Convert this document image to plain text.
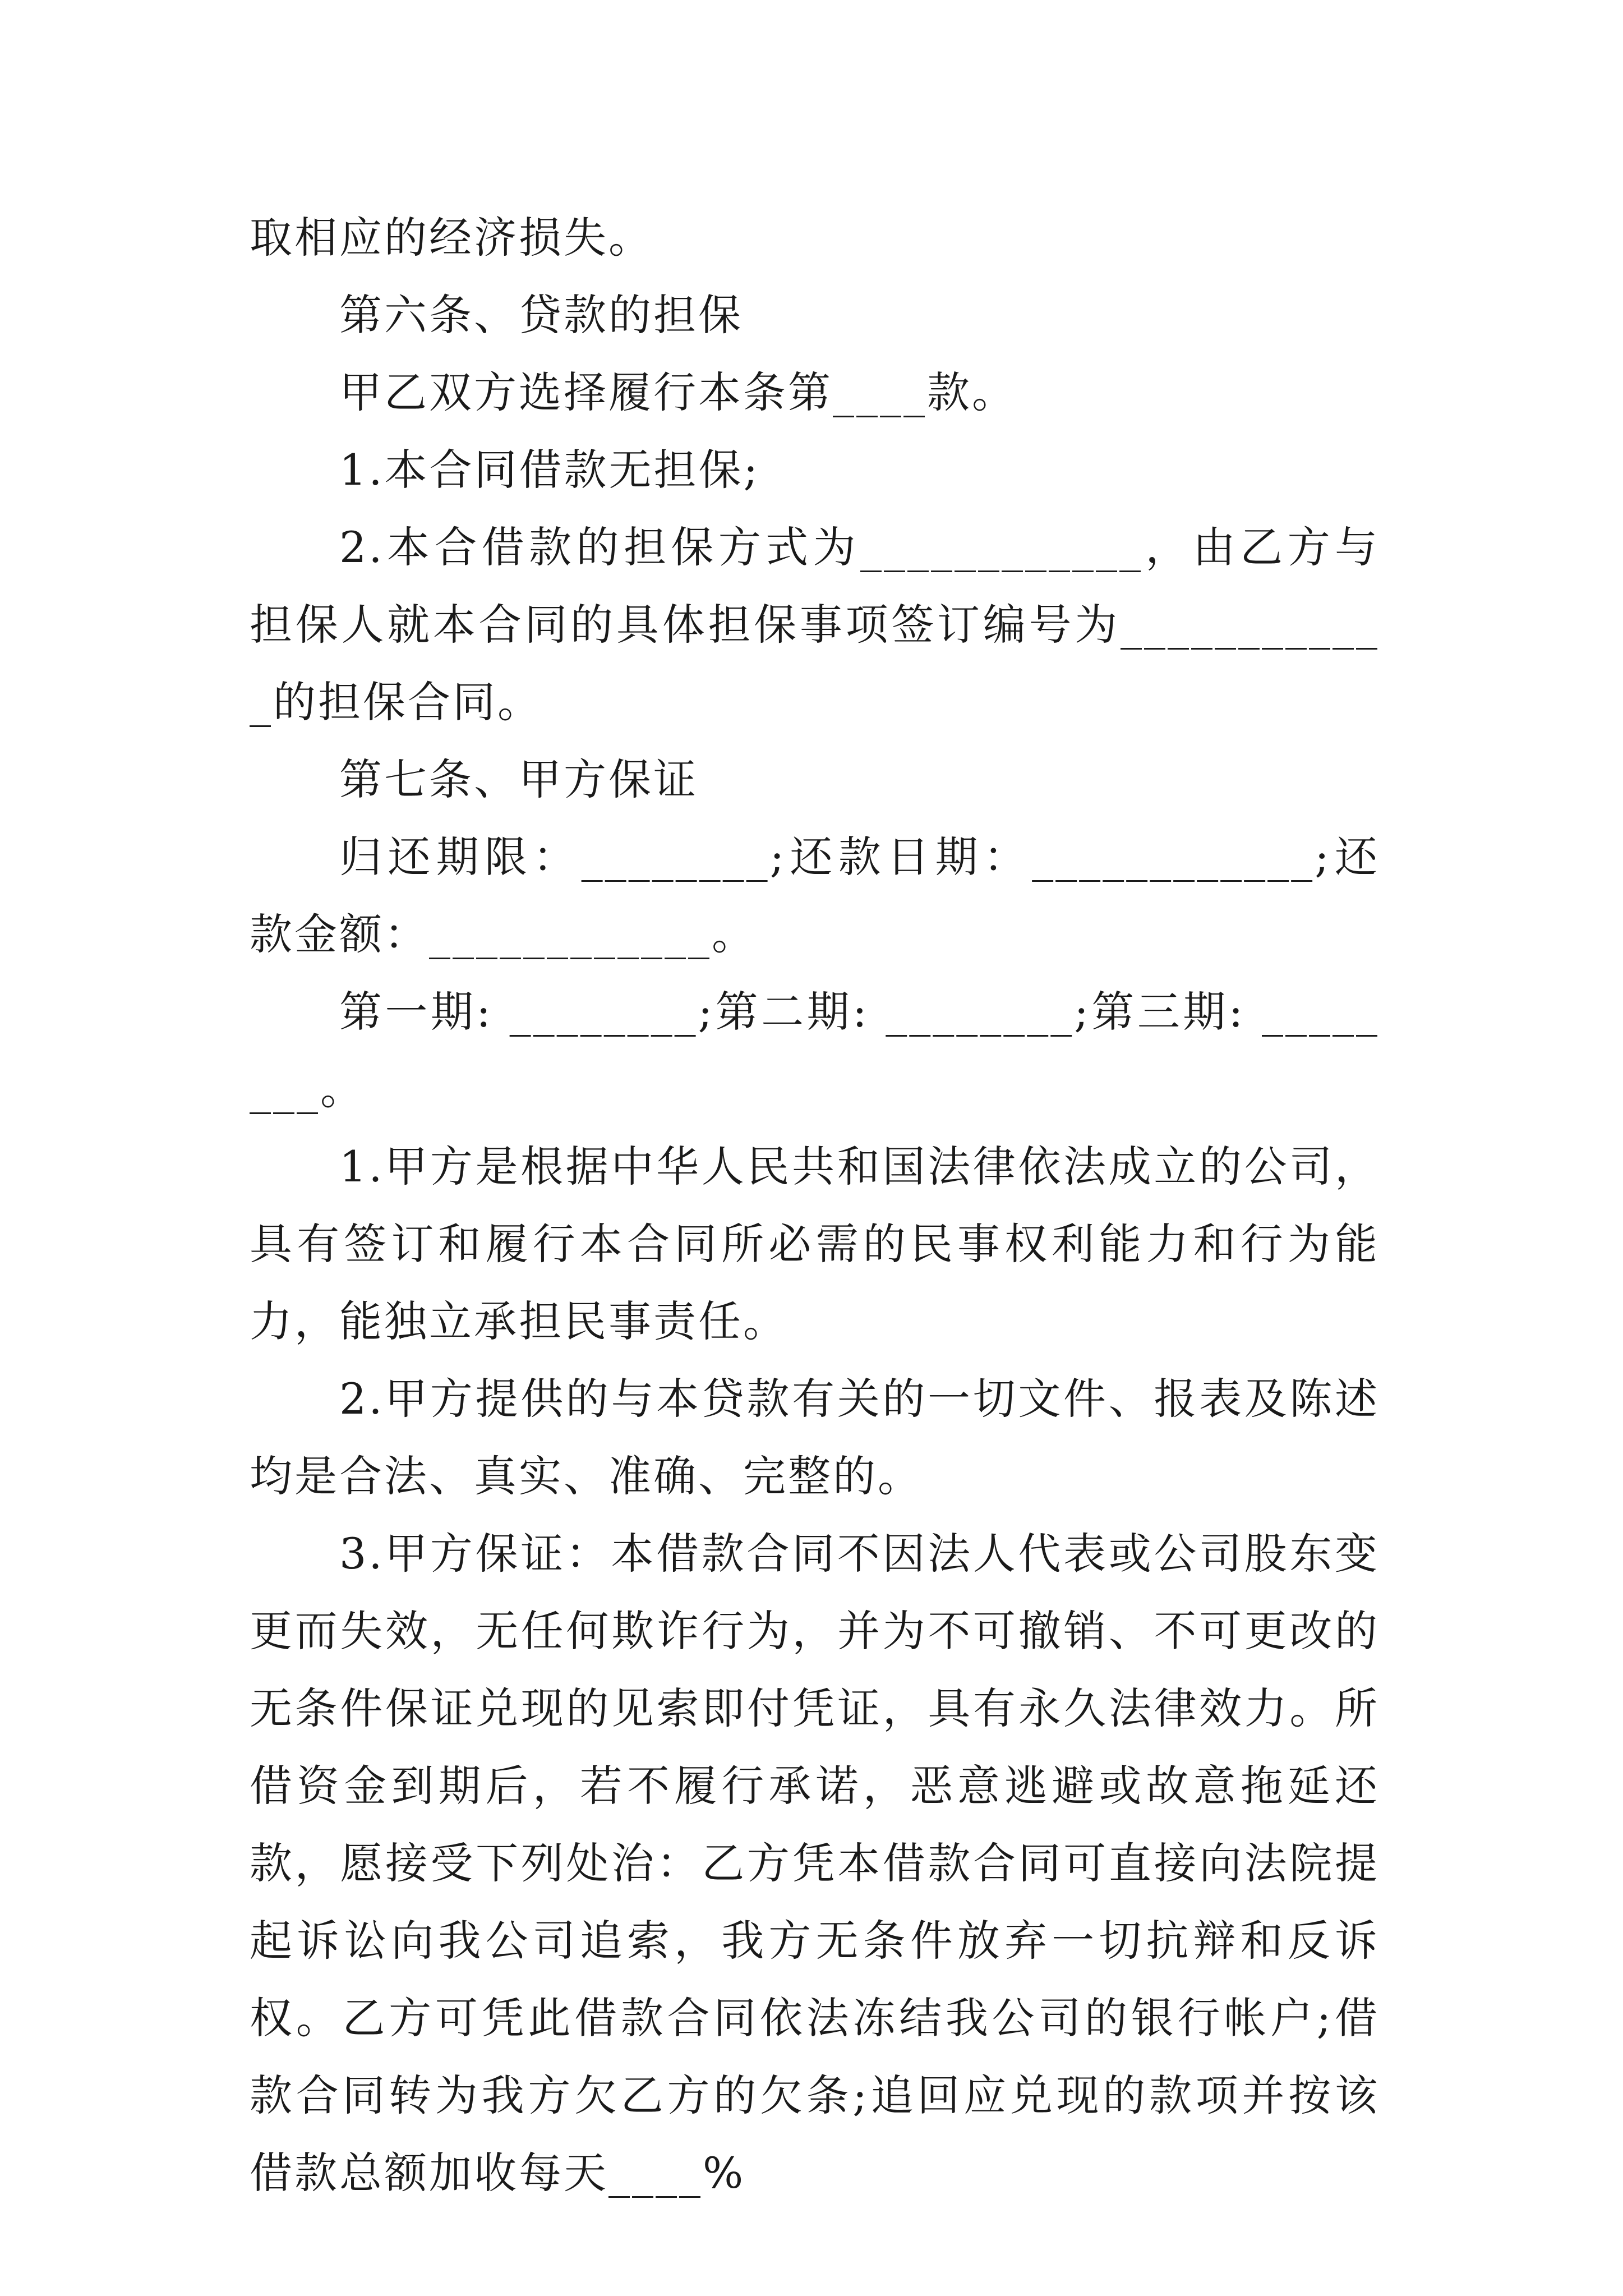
取相应的经济损失。

第六条、贷款的担保

甲乙双方选择履行本条第____款。

1.本合同借款无担保;

2.本合借款的担保方式为____________，由乙方与担保人就本合同的具体担保事项签订编号为____________的担保合同。

第七条、甲方保证

归还期限：________;还款日期：____________;还款金额：____________。

第一期: ________;第二期: ________;第三期: ________。

1.甲方是根据中华人民共和国法律依法成立的公司，具有签订和履行本合同所必需的民事权利能力和行为能力，能独立承担民事责任。

2.甲方提供的与本贷款有关的一切文件、报表及陈述均是合法、真实、准确、完整的。

3.甲方保证：本借款合同不因法人代表或公司股东变更而失效，无任何欺诈行为，并为不可撤销、不可更改的无条件保证兑现的见索即付凭证，具有永久法律效力。所借资金到期后，若不履行承诺，恶意逃避或故意拖延还款，愿接受下列处治：乙方凭本借款合同可直接向法院提起诉讼向我公司追索，我方无条件放弃一切抗辩和反诉权。乙方可凭此借款合同依法冻结我公司的银行帐户;借款合同转为我方欠乙方的欠条;追回应兑现的款项并按该借款总额加收每天____%
